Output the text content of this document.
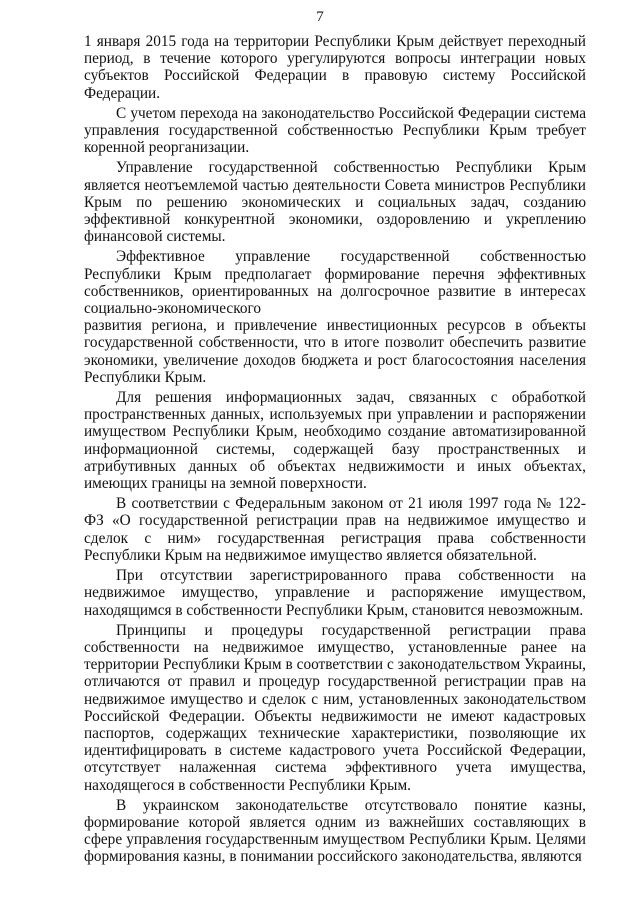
7

1 января 2015 года на территории Республики Крым действует переходный период, в течение которого урегулируются вопросы интеграции новых субъектов Российской Федерации в правовую систему Российской Федерации.

С учетом перехода на законодательство Российской Федерации система управления государственной собственностью Республики Крым требует коренной реорганизации.

Управление государственной собственностью Республики Крым является неотъемлемой частью деятельности Совета министров Республики Крым по решению экономических и социальных задач, созданию эффективной конкурентной экономики, оздоровлению и укреплению финансовой системы.

Эффективное управление государственной собственностью Республики Крым предполагает формирование перечня эффективных собственников, ориентированных на долгосрочное развитие в интересах социально-экономического

развития региона, и привлечение инвестиционных ресурсов в объекты государственной собственности, что в итоге позволит обеспечить развитие экономики, увеличение доходов бюджета и рост благосостояния населения Республики Крым.

Для решения информационных задач, связанных с обработкой пространственных данных, используемых при управлении и распоряжении имуществом Республики Крым, необходимо создание автоматизированной информационной системы, содержащей базу пространственных и атрибутивных данных об объектах недвижимости и иных объектах, имеющих границы на земной поверхности.

В соответствии с Федеральным законом от 21 июля 1997 года № 122-ФЗ «О государственной регистрации прав на недвижимое имущество и сделок с ним» государственная регистрация права собственности Республики Крым на недвижимое имущество является обязательной.

При отсутствии зарегистрированного права собственности на недвижимое имущество, управление и распоряжение имуществом, находящимся в собственности Республики Крым, становится невозможным.

Принципы и процедуры государственной регистрации права собственности на недвижимое имущество, установленные ранее на территории Республики Крым в соответствии с законодательством Украины, отличаются от правил и процедур государственной регистрации прав на недвижимое имущество и сделок с ним, установленных законодательством Российской Федерации. Объекты недвижимости не имеют кадастровых паспортов, содержащих технические характеристики, позволяющие их идентифицировать в системе кадастрового учета Российской Федерации, отсутствует налаженная система эффективного учета имущества, находящегося в собственности Республики Крым.

В украинском законодательстве отсутствовало понятие казны, формирование которой является одним из важнейших составляющих в сфере управления государственным имуществом Республики Крым. Целями формирования казны, в понимании российского законодательства, являются
